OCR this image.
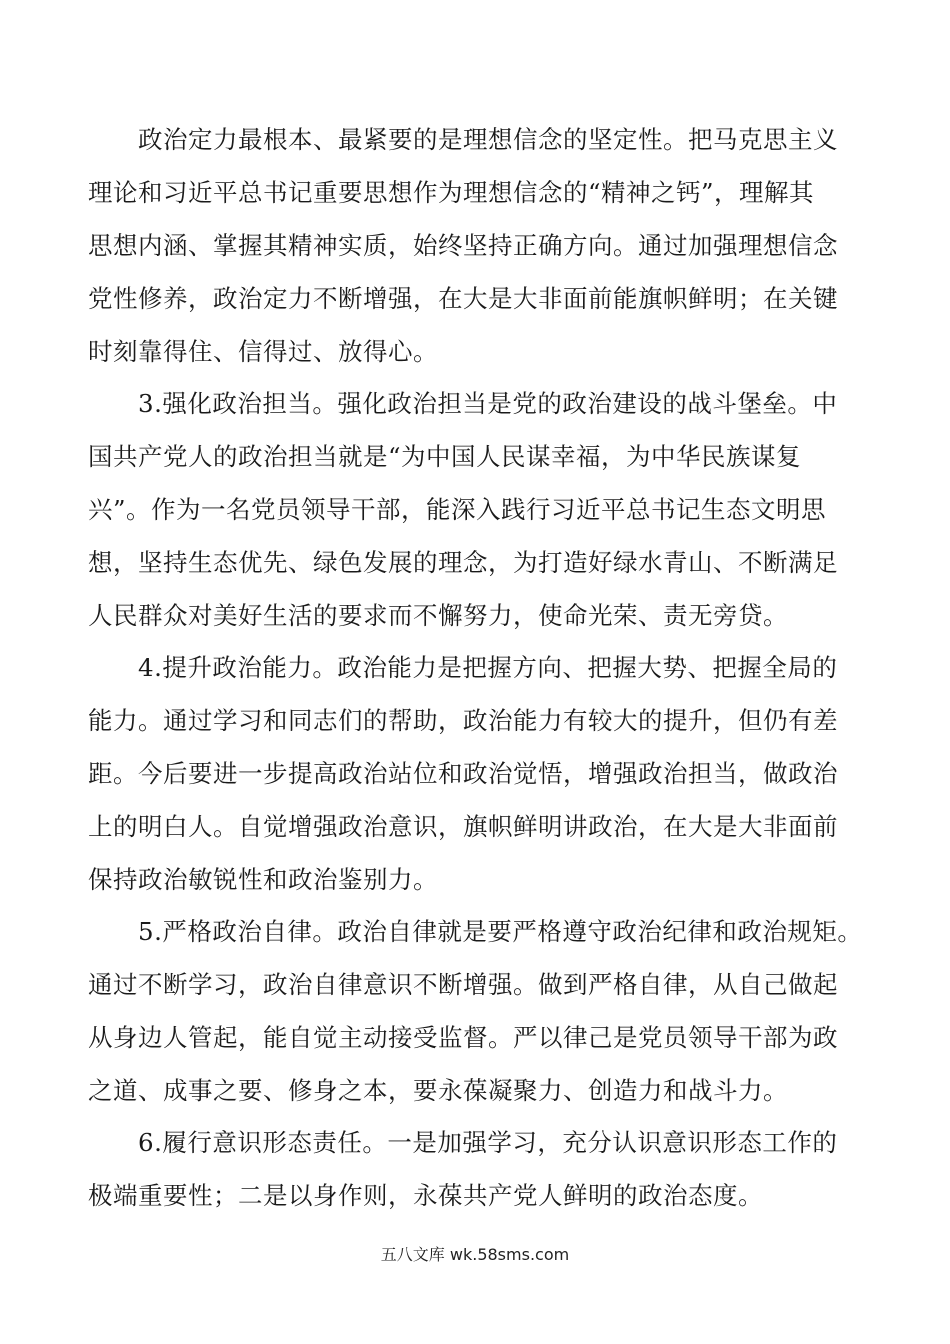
政治定力最根本、最紧要的是理想信念的坚定性。把马克思主义
理论和习近平总书记重要思想作为理想信念的“精神之钙”，理解其
思想内涵、掌握其精神实质，始终坚持正确方向。通过加强理想信念
党性修养，政治定力不断增强，在大是大非面前能旗帜鲜明；在关键
时刻靠得住、信得过、放得心。
3.强化政治担当。强化政治担当是党的政治建设的战斗堡垒。中
国共产党人的政治担当就是“为中国人民谋幸福，为中华民族谋复
兴”。作为一名党员领导干部，能深入践行习近平总书记生态文明思
想，坚持生态优先、绿色发展的理念，为打造好绿水青山、不断满足
人民群众对美好生活的要求而不懈努力，使命光荣、责无旁贷。
4.提升政治能力。政治能力是把握方向、把握大势、把握全局的
能力。通过学习和同志们的帮助，政治能力有较大的提升，但仍有差
距。今后要进一步提高政治站位和政治觉悟，增强政治担当，做政治
上的明白人。自觉增强政治意识，旗帜鲜明讲政治，在大是大非面前
保持政治敏锐性和政治鉴别力。
5.严格政治自律。政治自律就是要严格遵守政治纪律和政治规矩。
通过不断学习，政治自律意识不断增强。做到严格自律，从自己做起
从身边人管起，能自觉主动接受监督。严以律己是党员领导干部为政
之道、成事之要、修身之本，要永葆凝聚力、创造力和战斗力。
6.履行意识形态责任。一是加强学习，充分认识意识形态工作的
极端重要性；二是以身作则，永葆共产党人鲜明的政治态度。
五八文库 wk.58sms.com
